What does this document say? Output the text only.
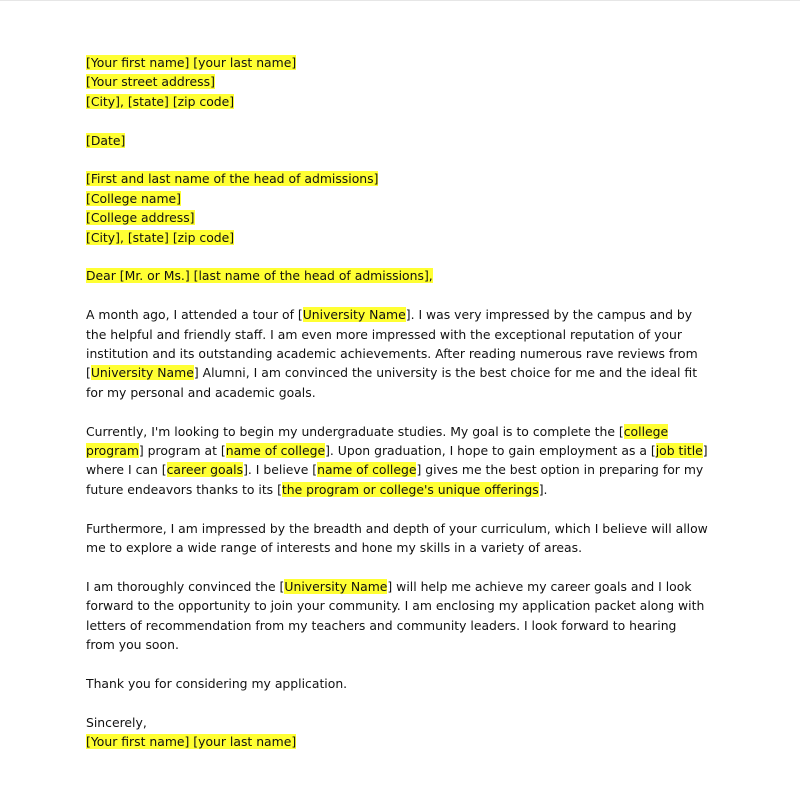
[Your first name] [your last name]
[Your street address]
[City], [state] [zip code]
[Date]
[First and last name of the head of admissions]
[College name]
[College address]
[City], [state] [zip code]
Dear [Mr. or Ms.] [last name of the head of admissions],

A month ago, I attended a tour of [University Name]. I was very impressed by the campus and by the helpful and friendly staff. I am even more impressed with the exceptional reputation of your institution and its outstanding academic achievements. After reading numerous rave reviews from [University Name] Alumni, I am convinced the university is the best choice for me and the ideal fit for my personal and academic goals.

Currently, I'm looking to begin my undergraduate studies. My goal is to complete the [college program] program at [name of college]. Upon graduation, I hope to gain employment as a [job title] where I can [career goals]. I believe [name of college] gives me the best option in preparing for my future endeavors thanks to its [the program or college's unique offerings].

Furthermore, I am impressed by the breadth and depth of your curriculum, which I believe will allow me to explore a wide range of interests and hone my skills in a variety of areas.

I am thoroughly convinced the [University Name] will help me achieve my career goals and I look forward to the opportunity to join your community. I am enclosing my application packet along with letters of recommendation from my teachers and community leaders. I look forward to hearing from you soon.

Thank you for considering my application.

Sincerely,
[Your first name] [your last name]
